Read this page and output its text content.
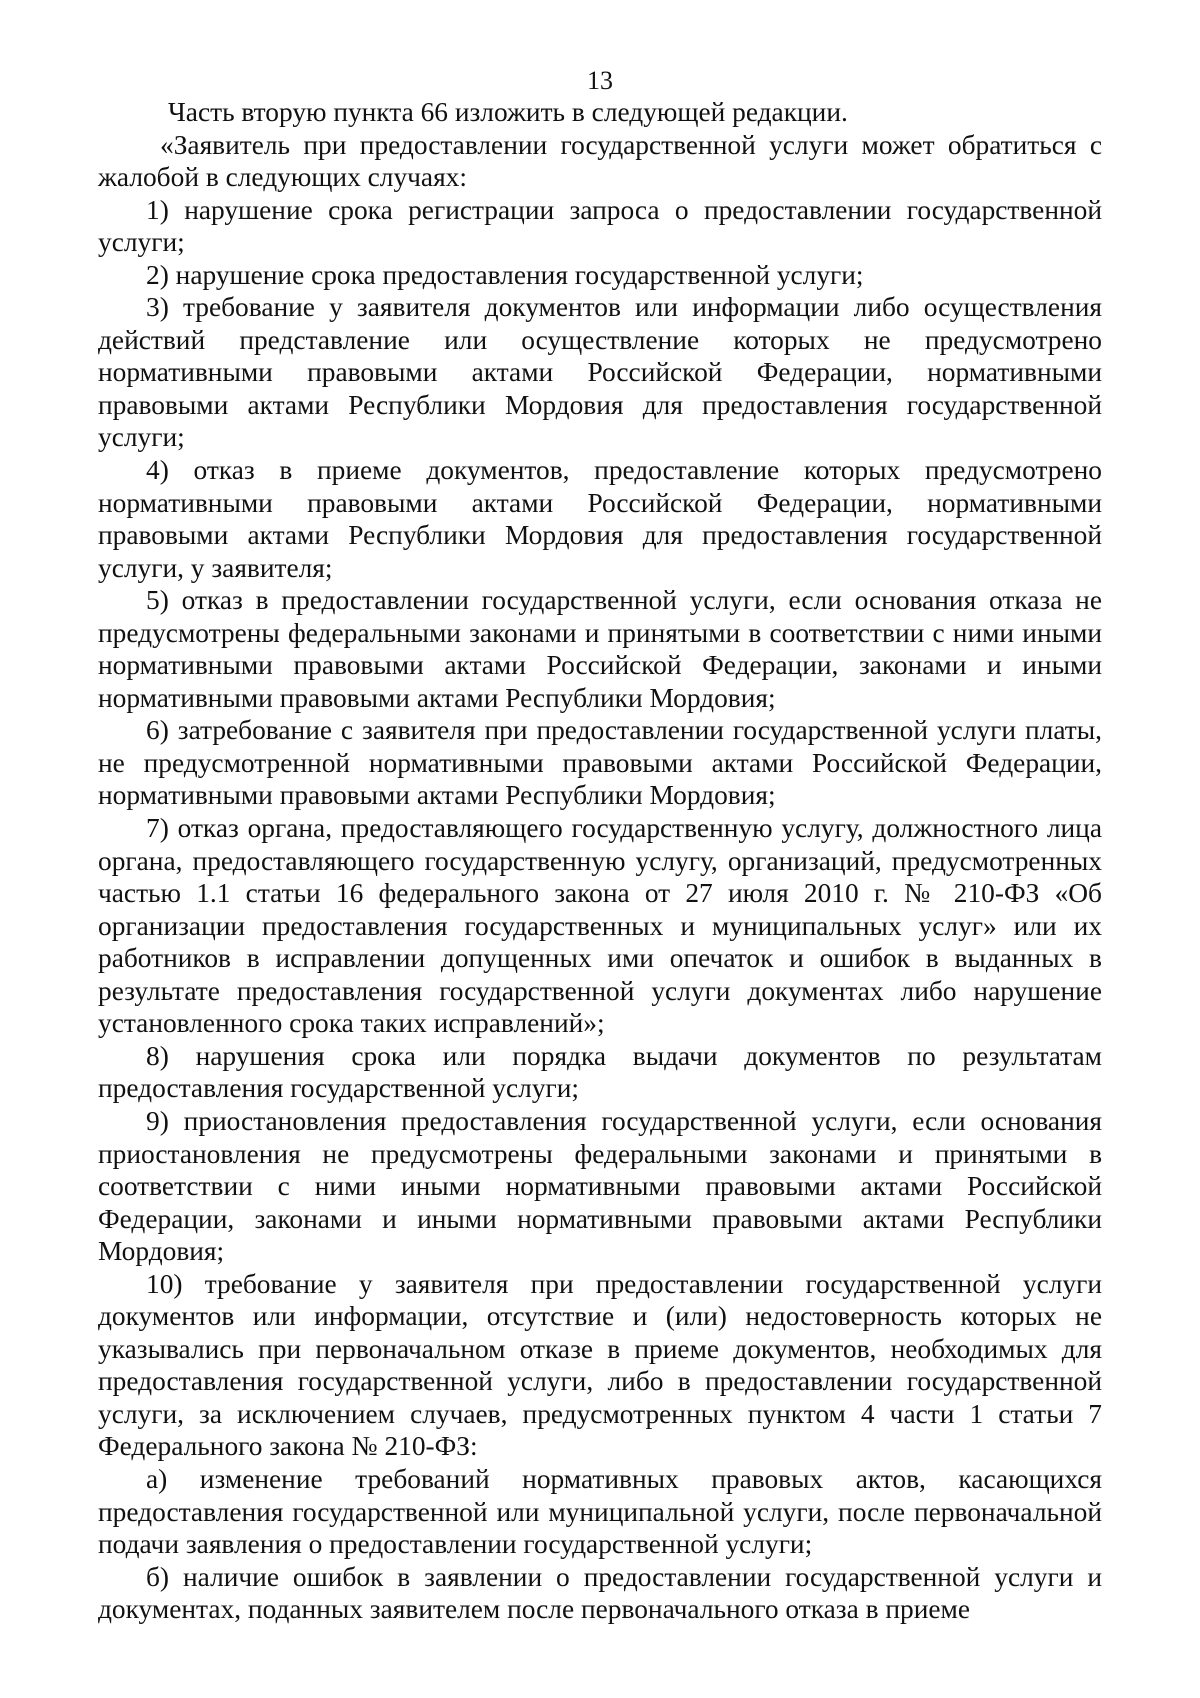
13

Часть вторую пункта 66 изложить в следующей редакции.

«Заявитель при предоставлении государственной услуги может обратиться с жалобой в следующих случаях:

1) нарушение срока регистрации запроса о предоставлении государственной услуги;

2) нарушение срока предоставления государственной услуги;

3) требование у заявителя документов или информации либо осуществления действий представление или осуществление которых не предусмотрено нормативными правовыми актами Российской Федерации, нормативными правовыми актами Республики Мордовия для предоставления государственной услуги;

4) отказ в приеме документов, предоставление которых предусмотрено нормативными правовыми актами Российской Федерации, нормативными правовыми актами Республики Мордовия для предоставления государственной услуги, у заявителя;

5) отказ в предоставлении государственной услуги, если основания отказа не предусмотрены федеральными законами и принятыми в соответствии с ними иными нормативными правовыми актами Российской Федерации, законами и иными нормативными правовыми актами Республики Мордовия;

6) затребование с заявителя при предоставлении государственной услуги платы, не предусмотренной нормативными правовыми актами Российской Федерации, нормативными правовыми актами Республики Мордовия;

7) отказ органа, предоставляющего государственную услугу, должностного лица органа, предоставляющего государственную услугу, организаций, предусмотренных частью 1.1 статьи 16 федерального закона от 27 июля 2010 г. № 210-ФЗ «Об организации предоставления государственных и муниципальных услуг» или их работников в исправлении допущенных ими опечаток и ошибок в выданных в результате предоставления государственной услуги документах либо нарушение установленного срока таких исправлений»;

8) нарушения срока или порядка выдачи документов по результатам предоставления государственной услуги;

9) приостановления предоставления государственной услуги, если основания приостановления не предусмотрены федеральными законами и принятыми в соответствии с ними иными нормативными правовыми актами Российской Федерации, законами и иными нормативными правовыми актами Республики Мордовия;

10) требование у заявителя при предоставлении государственной услуги документов или информации, отсутствие и (или) недостоверность которых не указывались при первоначальном отказе в приеме документов, необходимых для предоставления государственной услуги, либо в предоставлении государственной услуги, за исключением случаев, предусмотренных пунктом 4 части 1 статьи 7 Федерального закона № 210-ФЗ:

а) изменение требований нормативных правовых актов, касающихся предоставления государственной или муниципальной услуги, после первоначальной подачи заявления о предоставлении государственной услуги;

б) наличие ошибок в заявлении о предоставлении государственной услуги и документах, поданных заявителем после первоначального отказа в приеме
